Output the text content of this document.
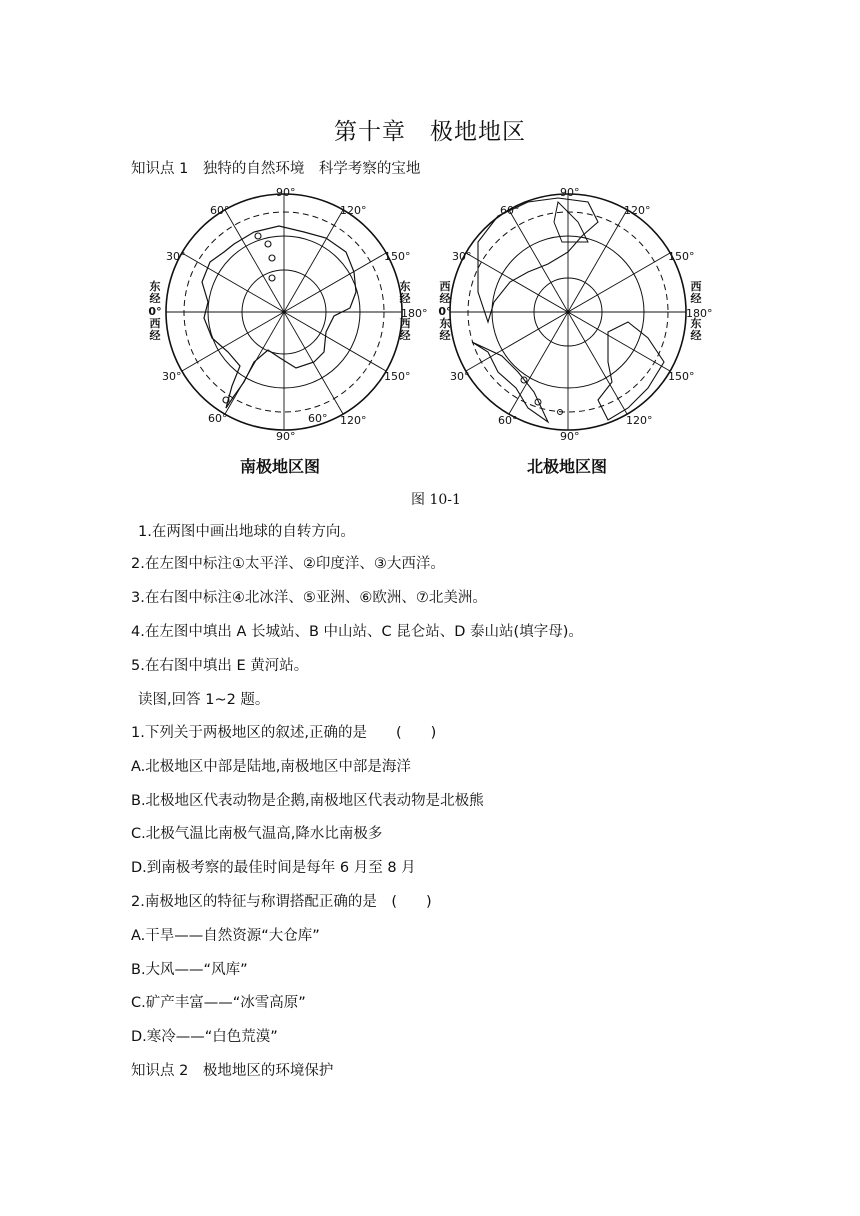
第十章　极地地区
知识点 1　独特的自然环境　科学考察的宝地
90°
60°	120°
30°	150°
30°	150°
60°	60° 120°
90°
180°
东经
0°
西经
东经
西经
南极地区图
90°
60°	120°
30°	150°
30°	150°
60°	120°
90°
180°
西经
0°
东经
西经
东经
北极地区图
图 10-1
1.在两图中画出地球的自转方向。
2.在左图中标注①太平洋、②印度洋、③大西洋。
3.在右图中标注④北冰洋、⑤亚洲、⑥欧洲、⑦北美洲。
4.在左图中填出 A 长城站、B 中山站、C 昆仑站、D 泰山站(填字母)。
5.在右图中填出 E 黄河站。
读图,回答 1~2 题。
1.下列关于两极地区的叙述,正确的是　　(　　)
A.北极地区中部是陆地,南极地区中部是海洋
B.北极地区代表动物是企鹅,南极地区代表动物是北极熊
C.北极气温比南极气温高,降水比南极多
D.到南极考察的最佳时间是每年 6 月至 8 月
2.南极地区的特征与称谓搭配正确的是　(　　)
A.干旱——自然资源“大仓库”
B.大风——“风库”
C.矿产丰富——“冰雪高原”
D.寒冷——“白色荒漠”
知识点 2　极地地区的环境保护
